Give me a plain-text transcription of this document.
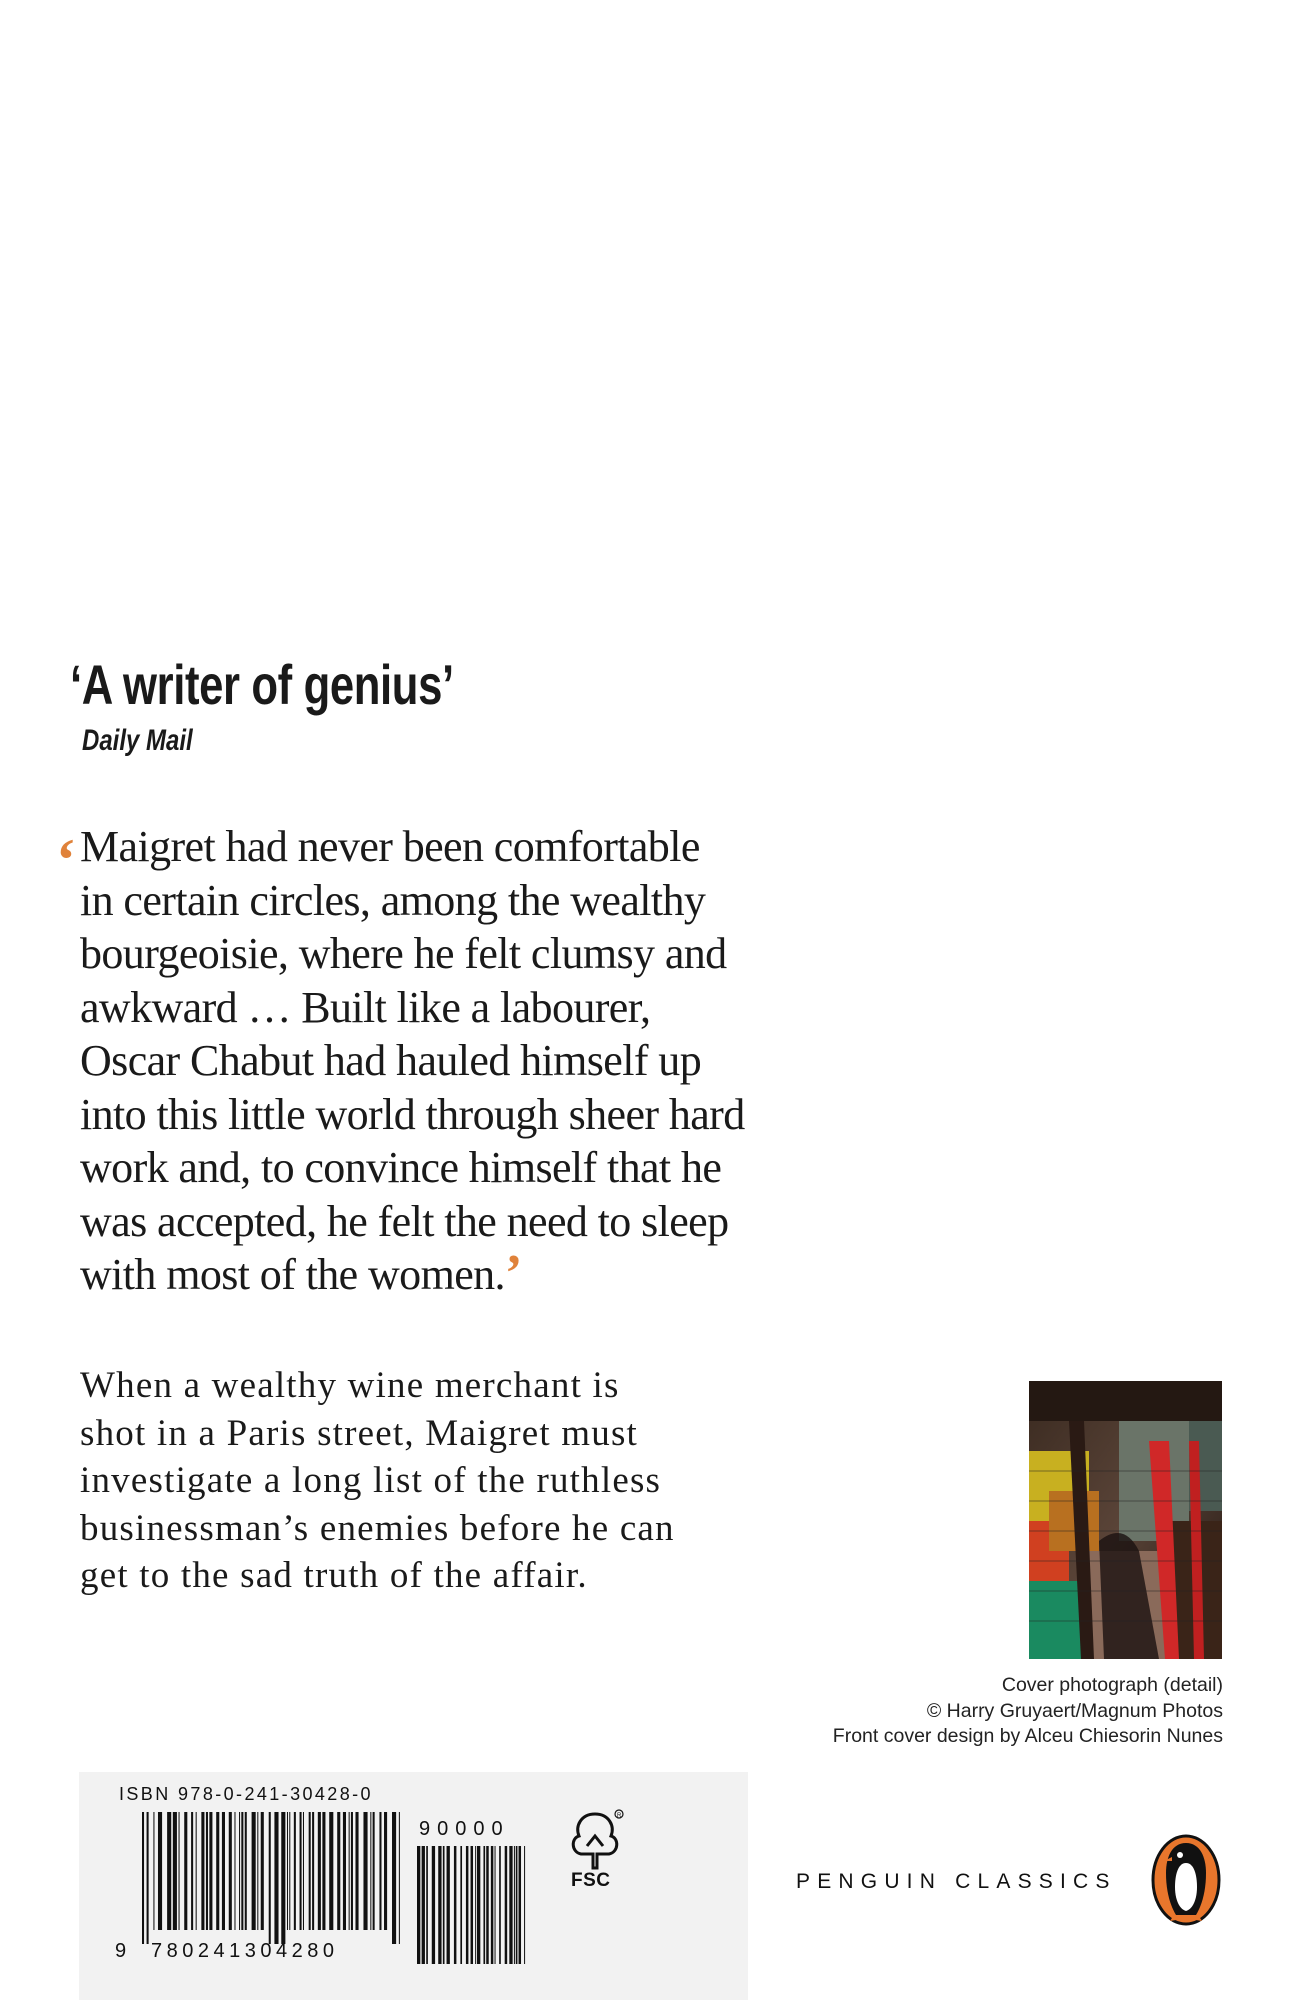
‘A writer of genius’
Daily Mail
‘ Maigret had never been comfortable
in certain circles, among the wealthy
bourgeoisie, where he felt clumsy and
awkward … Built like a labourer,
Oscar Chabut had hauled himself up
into this little world through sheer hard
work and, to convince himself that he
was accepted, he felt the need to sleep
with most of the women.’
When a wealthy wine merchant is
shot in a Paris street, Maigret must
investigate a long list of the ruthless
businessman’s enemies before he can
get to the sad truth of the affair.
Cover photograph (detail)
© Harry Gruyaert/Magnum Photos
Front cover design by Alceu Chiesorin Nunes
ISBN 978-0-241-30428-0
9 780241304280
90000
R
FSC	PENGUIN CLASSICS
